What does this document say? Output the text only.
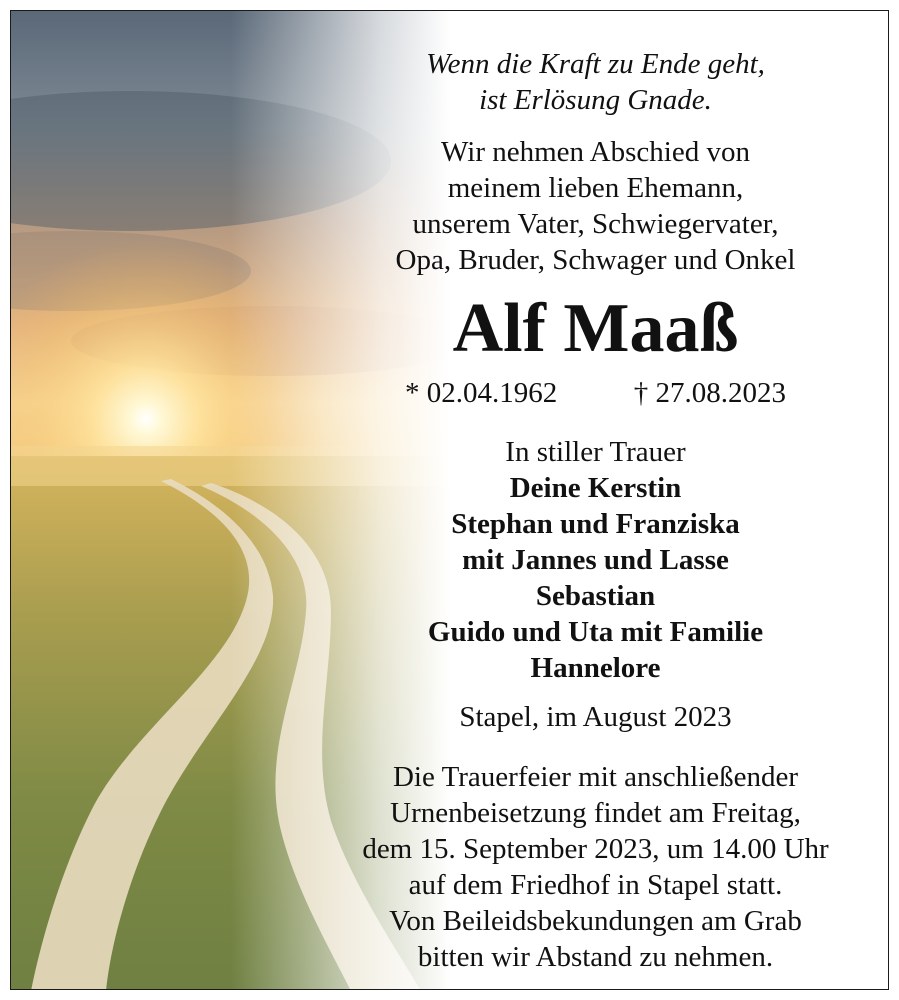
Wenn die Kraft zu Ende geht,
ist Erlösung Gnade.
Wir nehmen Abschied von
meinem lieben Ehemann,
unserem Vater, Schwiegervater,
Opa, Bruder, Schwager und Onkel
Alf Maaß
* 02.04.1962	† 27.08.2023
In stiller Trauer
Deine Kerstin
Stephan und Franziska
mit Jannes und Lasse
Sebastian
Guido und Uta mit Familie
Hannelore
Stapel, im August 2023
Die Trauerfeier mit anschließender
Urnenbeisetzung findet am Freitag,
dem 15. September 2023, um 14.00 Uhr
auf dem Friedhof in Stapel statt.
Von Beileidsbekundungen am Grab
bitten wir Abstand zu nehmen.
